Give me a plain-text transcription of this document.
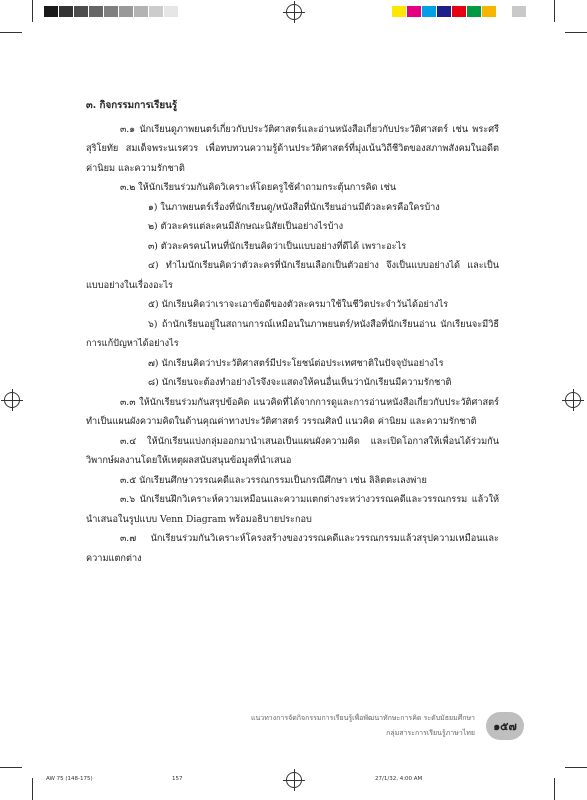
๓. กิจกรรมการเรียนรู้

๓.๑ นักเรียนดูภาพยนตร์เกี่ยวกับประวัติศาสตร์และอ่านหนังสือเกี่ยวกับประวัติศาสตร์ เช่น พระศรีสุริโยทัย สมเด็จพระนเรศวร เพื่อทบทวนความรู้ด้านประวัติศาสตร์ที่มุ่งเน้นวิถีชีวิตของสภาพสังคมในอดีต ค่านิยม และความรักชาติ

๓.๒ ให้นักเรียนร่วมกันคิดวิเคราะห์โดยครูใช้คำถามกระตุ้นการคิด เช่น

๑) ในภาพยนตร์เรื่องที่นักเรียนดู/หนังสือที่นักเรียนอ่านมีตัวละครคือใครบ้าง

๒) ตัวละครแต่ละคนมีลักษณะนิสัยเป็นอย่างไรบ้าง

๓) ตัวละครคนไหนที่นักเรียนคิดว่าเป็นแบบอย่างที่ดีได้ เพราะอะไร

๔) ทำไมนักเรียนคิดว่าตัวละครที่นักเรียนเลือกเป็นตัวอย่าง จึงเป็นแบบอย่างได้ และเป็นแบบอย่างในเรื่องอะไร

๕) นักเรียนคิดว่าเราจะเอาข้อดีของตัวละครมาใช้ในชีวิตประจำวันได้อย่างไร

๖) ถ้านักเรียนอยู่ในสถานการณ์เหมือนในภาพยนตร์/หนังสือที่นักเรียนอ่าน นักเรียนจะมีวิธีการแก้ปัญหาได้อย่างไร

๗) นักเรียนคิดว่าประวัติศาสตร์มีประโยชน์ต่อประเทศชาติในปัจจุบันอย่างไร

๘) นักเรียนจะต้องทำอย่างไรจึงจะแสดงให้คนอื่นเห็นว่านักเรียนมีความรักชาติ

๓.๓ ให้นักเรียนร่วมกันสรุปข้อคิด แนวคิดที่ได้จากการดูและการอ่านหนังสือเกี่ยวกับประวัติศาสตร์ ทำเป็นแผนผังความคิดในด้านคุณค่าทางประวัติศาสตร์ วรรณศิลป์ แนวคิด ค่านิยม และความรักชาติ

๓.๔ ให้นักเรียนแบ่งกลุ่มออกมานำเสนอเป็นแผนผังความคิด และเปิดโอกาสให้เพื่อนได้ร่วมกันวิพากษ์ผลงานโดยให้เหตุผลสนับสนุนข้อมูลที่นำเสนอ

๓.๕ นักเรียนศึกษาวรรณคดีและวรรณกรรมเป็นกรณีศึกษา เช่น ลิลิตตะเลงพ่าย

๓.๖ นักเรียนฝึกวิเคราะห์ความเหมือนและความแตกต่างระหว่างวรรณคดีและวรรณกรรม แล้วให้นำเสนอในรูปแบบ Venn Diagram พร้อมอธิบายประกอบ

๓.๗ นักเรียนร่วมกันวิเคราะห์โครงสร้างของวรรณคดีและวรรณกรรมแล้วสรุปความเหมือนและความแตกต่าง

แนวทางการจัดกิจกรรมการเรียนรู้เพื่อพัฒนาทักษะการคิด ระดับมัธยมศึกษา
กลุ่มสาระการเรียนรู้ภาษาไทย	๑๕๗
AW 75 (148-175)	157	27/1/32, 4:00 AM
